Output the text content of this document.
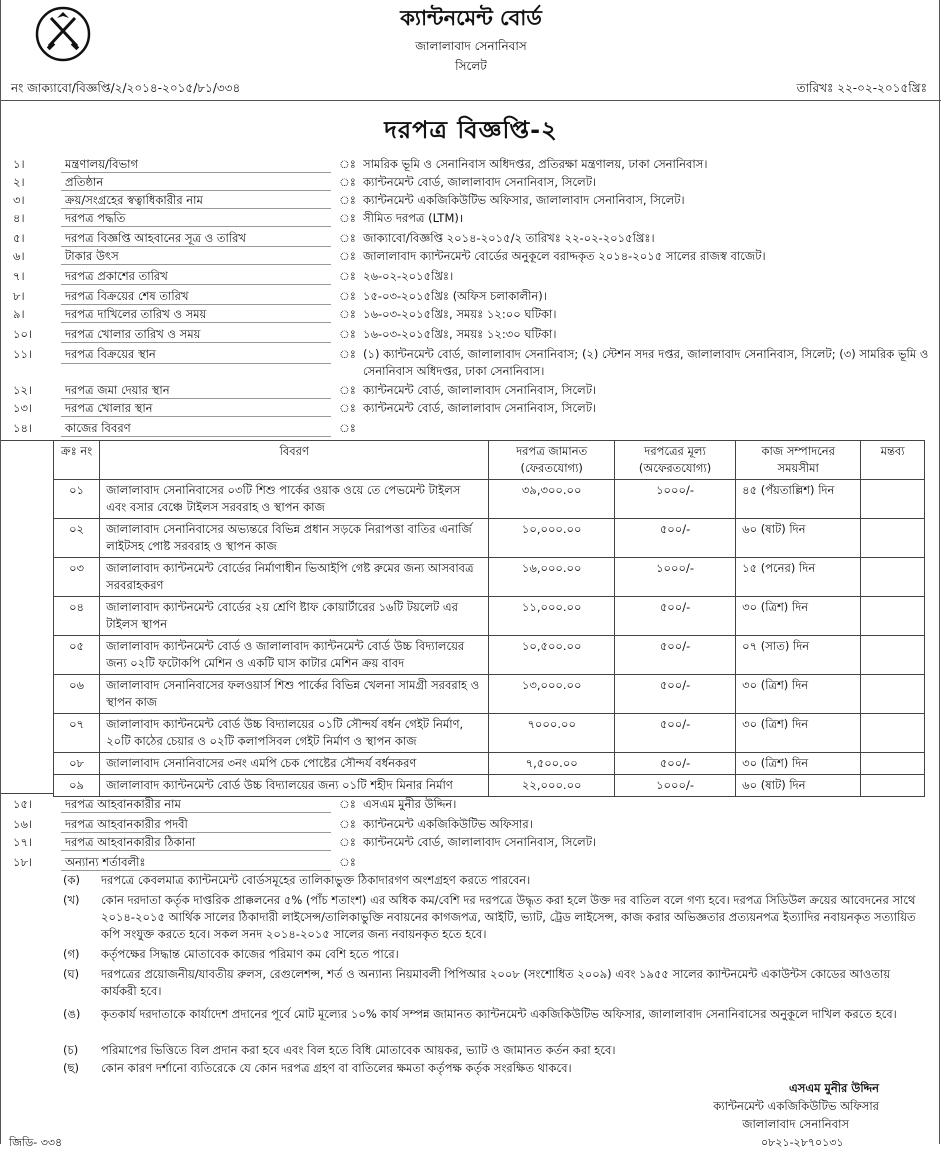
ক্যান্টনমেন্ট বোর্ড
জালালাবাদ সেনানিবাস
সিলেট
নং জাক্যাবো/বিজ্ঞপ্তি/২/২০১৪-২০১৫/৮১/৩৩৪	তারিখঃ ২২-০২-২০১৫খ্রিঃ
দরপত্র বিজ্ঞপ্তি-২
১।	মন্ত্রণালয়/বিভাগ	ঃ সামরিক ভূমি ও সেনানিবাস অধিদপ্তর, প্রতিরক্ষা মন্ত্রণালয়, ঢাকা সেনানিবাস।
২।	প্রতিষ্ঠান	ঃ ক্যান্টনমেন্ট বোর্ড, জালালাবাদ সেনানিবাস, সিলেট।
৩।	ক্রয়/সংগ্রহের স্বত্বাধিকারীর নাম	ঃ ক্যান্টনমেন্ট একজিকিউটিভ অফিসার, জালালাবাদ সেনানিবাস, সিলেট।
৪।	দরপত্র পদ্ধতি	ঃ সীমিত দরপত্র (LTM)।
৫।	দরপত্র বিজ্ঞপ্তি আহবানের সূত্র ও তারিখ	ঃ জাক্যাবো/বিজ্ঞপ্তি ২০১৪-২০১৫/২ তারিখঃ ২২-০২-২০১৫খ্রিঃ।
৬।	টাকার উৎস	ঃ জালালাবাদ ক্যান্টনমেন্ট বোর্ডের অনুকূলে বরাদ্দকৃত ২০১৪-২০১৫ সালের রাজস্ব বাজেট।
৭।	দরপত্র প্রকাশের তারিখ	ঃ ২৬-০২-২০১৫খ্রিঃ।
৮।	দরপত্র বিক্রয়ের শেষ তারিখ	ঃ ১৫-০৩-২০১৫খ্রিঃ (অফিস চলাকালীন)।
৯।	দরপত্র দাখিলের তারিখ ও সময়	ঃ ১৬-০৩-২০১৫খ্রিঃ, সময়ঃ ১২:০০ ঘটিকা।
১০।	দরপত্র খোলার তারিখ ও সময়	ঃ ১৬-০৩-২০১৫খ্রিঃ, সময়ঃ ১২:৩০ ঘটিকা।
১১।	দরপত্র বিক্রয়ের স্থান	ঃ (১) ক্যান্টনমেন্ট বোর্ড, জালালাবাদ সেনানিবাস; (২) স্টেশন সদর দপ্তর, জালালাবাদ সেনানিবাস, সিলেট; (৩) সামরিক ভূমি ও সেনানিবাস অধিদপ্তর, ঢাকা সেনানিবাস।
১২।	দরপত্র জমা দেয়ার স্থান	ঃ ক্যান্টনমেন্ট বোর্ড, জালালাবাদ সেনানিবাস, সিলেট।
১৩।	দরপত্র খোলার স্থান	ঃ ক্যান্টনমেন্ট বোর্ড, জালালাবাদ সেনানিবাস, সিলেট।
১৪।	কাজের বিবরণ	ঃ
ক্রঃ নং	বিবরণ	দরপত্র জামানত (ফেরতযোগ্য)	দরপত্রের মূল্য (অফেরতযোগ্য)	কাজ সম্পাদনের সময়সীমা	মন্তব্য
০১	জালালাবাদ সেনানিবাসের ০৩টি শিশু পার্কের ওয়াক ওয়ে তে পেভমেন্ট টাইলস এবং বসার বেঞ্চে টাইলস সরবরাহ ও স্থাপন কাজ	৩৯,৩০০.০০	১০০০/-	৪৫ (পঁয়তাল্লিশ) দিন	
০২	জালালাবাদ সেনানিবাসের অভ্যন্তরে বিভিন্ন প্রধান সড়কে নিরাপত্তা বাতির এনার্জি লাইটসহ পোষ্ট সরবরাহ ও স্থাপন কাজ	১০,০০০.০০	৫০০/-	৬০ (ষাট) দিন	
০৩	জালালাবাদ ক্যান্টনমেন্ট বোর্ডের নির্মাণাধীন ভিআইপি গেষ্ট রুমের জন্য আসবাবত্র সরবরাহকরণ	১৬,০০০.০০	১০০০/-	১৫ (পনের) দিন	
০৪	জালালাবাদ ক্যান্টনমেন্ট বোর্ডের ২য় শ্রেণি ষ্টাফ কোয়ার্টারের ১৬টি টয়লেট এর টাইলস স্থাপন	১১,০০০.০০	৫০০/-	৩০ (ত্রিশ) দিন	
০৫	জালালাবাদ ক্যান্টনমেন্ট বোর্ড ও জালালাবাদ ক্যান্টনমেন্ট বোর্ড উচ্চ বিদ্যালয়ের জন্য ০২টি ফটোকপি মেশিন ও একটি ঘাস কাটার মেশিন ক্রয় বাবদ	১০,৫০০.০০	৫০০/-	০৭ (সাত) দিন	
০৬	জালালাবাদ সেনানিবাসের ফলওয়ার্স শিশু পার্কের বিভিন্ন খেলনা সামগ্রী সরবরাহ ও স্থাপন কাজ	১৩,০০০.০০	৫০০/-	৩০ (ত্রিশ) দিন	
০৭	জালালাবাদ ক্যান্টনমেন্ট বোর্ড উচ্চ বিদ্যালয়ের ০১টি সৌন্দর্য বর্ধন গেইট নির্মাণ, ২০টি কাঠের চেয়ার ও ০২টি কলাপসিবল গেইট নির্মাণ ও স্থাপন কাজ	৭০০০.০০	৫০০/-	৩০ (ত্রিশ) দিন	
০৮	জালালাবাদ সেনানিবাসের ৩নং এমপি চেক পোষ্টের সৌন্দর্য বর্ধনকরণ	৭,৫০০.০০	৫০০/-	৩০ (ত্রিশ) দিন	
০৯	জালালাবাদ ক্যান্টনমেন্ট বোর্ড উচ্চ বিদ্যালয়ের জন্য ০১টি শহীদ মিনার নির্মাণ	২২,০০০.০০	১০০০/-	৬০ (ষাট) দিন	
১৫।	দরপত্র আহবানকারীর নাম	ঃ এসএম মুনীর উদ্দিন।
১৬।	দরপত্র আহবানকারীর পদবী	ঃ ক্যান্টনমেন্ট একজিকিউটিভ অফিসার।
১৭।	দরপত্র আহবানকারীর ঠিকানা	ঃ ক্যান্টনমেন্ট বোর্ড, জালালাবাদ সেনানিবাস, সিলেট।
১৮।	অন্যান্য শর্তাবলীঃ	ঃ
(ক) দরপত্রে কেবলমাত্র ক্যান্টনমেন্ট বোর্ডসমূহের তালিকাভুক্ত ঠিকাদারগণ অংশগ্রহণ করতে পারবেন।
(খ) কোন দরদাতা কর্তৃক দাপ্তরিক প্রাক্কলনের ৫% (পাঁচ শতাংশ) এর অধিক কম/বেশি দর দরপত্রে উদ্ধৃত করা হলে উক্ত দর বাতিল বলে গণ্য হবে। দরপত্র সিডিউল ক্রয়ের আবেদনের সাথে ২০১৪-২০১৫ আর্থিক সালের ঠিকাদারী লাইসেন্স/তালিকাভুক্তি নবায়নের কাগজপত্র, আইটি, ভ্যাট, ট্রেড লাইসেন্স, কাজ করার অভিজ্ঞতার প্রত্যয়নপত্র ইত্যাদির নবায়নকৃত সত্যায়িত কপি সংযুক্ত করতে হবে। সকল সনদ ২০১৪-২০১৫ সালের জন্য নবায়নকৃত হতে হবে।
(গ) কর্তৃপক্ষের সিদ্ধান্ত মোতাবেক কাজের পরিমাণ কম বেশি হতে পারে।
(ঘ) দরপত্রের প্রয়োজনীয়/যাবতীয় রুলস, রেগুলেশন্স, শর্ত ও অন্যান্য নিয়মাবলী পিপিআর ২০০৮ (সংশোধিত ২০০৯) এবং ১৯৫৫ সালের ক্যান্টনমেন্ট একাউন্টস কোডের আওতায় কার্যকরী হবে।
(ঙ) কৃতকার্য দরদাতাকে কার্যাদেশ প্রদানের পূর্বে মোট মূল্যের ১০% কার্য সম্পন্ন জামানত ক্যান্টনমেন্ট একজিকিউটিভ অফিসার, জালালাবাদ সেনানিবাসের অনুকূলে দাখিল করতে হবে।
(চ) পরিমাপের ভিত্তিতে বিল প্রদান করা হবে এবং বিল হতে বিধি মোতাবেক আয়কর, ভ্যাট ও জামানত কর্তন করা হবে।
(ছ) কোন কারণ দর্শানো ব্যতিরেকে যে কোন দরপত্র গ্রহণ বা বাতিলের ক্ষমতা কর্তৃপক্ষ কর্তৃক সংরক্ষিত থাকবে।
এসএম মুনীর উদ্দিন
ক্যান্টনমেন্ট একজিকিউটিভ অফিসার
জালালাবাদ সেনানিবাস
জিডি- ৩৩৪	০৮২১-২৮৭০১৩১
